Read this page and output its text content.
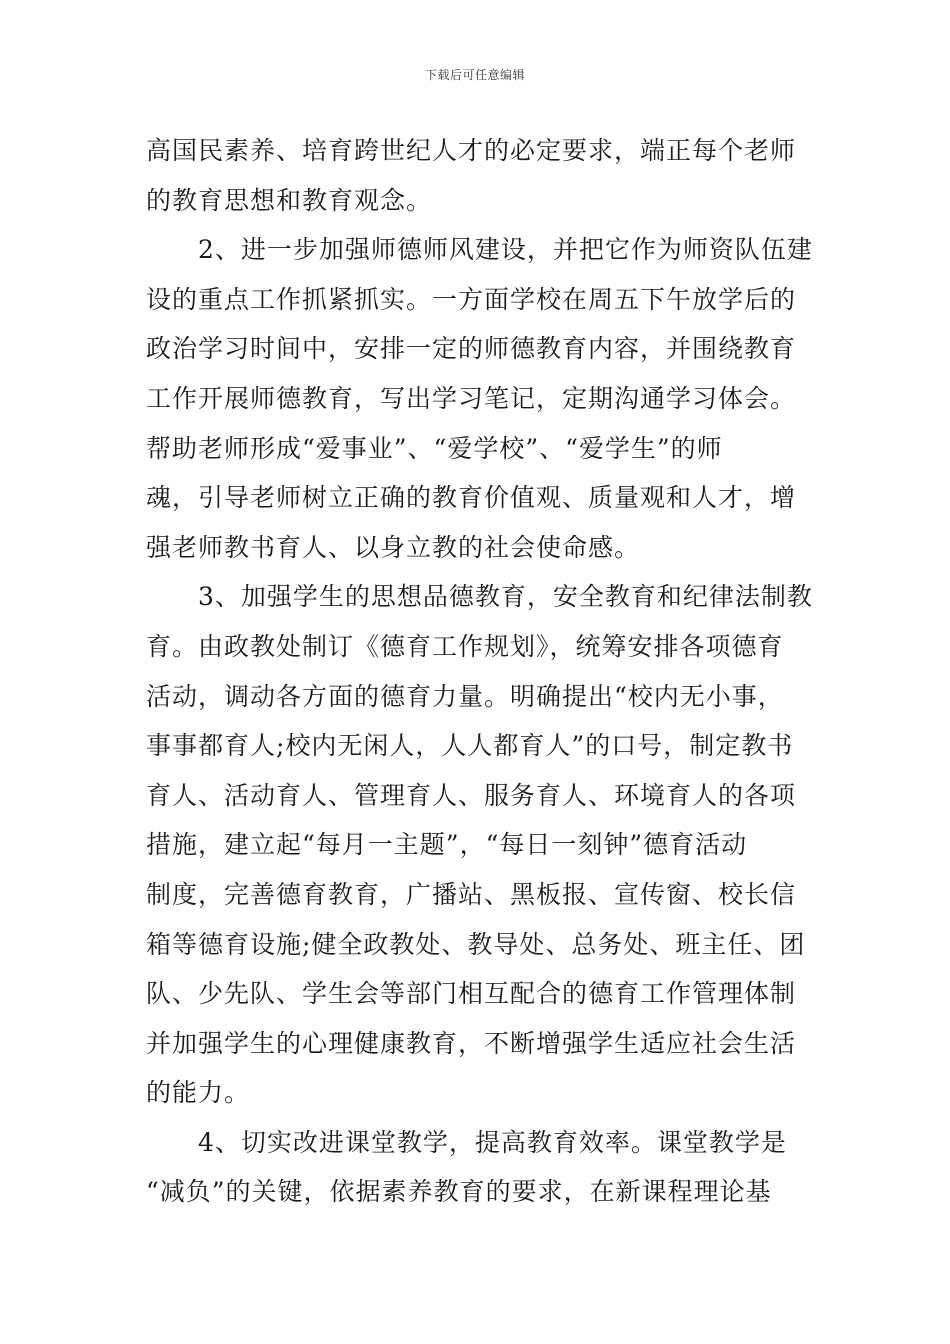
下载后可任意编辑
高国民素养、培育跨世纪人才的必定要求，端正每个老师
的教育思想和教育观念。
　　2、进一步加强师德师风建设，并把它作为师资队伍建
设的重点工作抓紧抓实。一方面学校在周五下午放学后的
政治学习时间中，安排一定的师德教育内容，并围绕教育
工作开展师德教育，写出学习笔记，定期沟通学习体会。
帮助老师形成“爱事业”、“爱学校”、“爱学生”的师
魂，引导老师树立正确的教育价值观、质量观和人才，增
强老师教书育人、以身立教的社会使命感。
　　3、加强学生的思想品德教育，安全教育和纪律法制教
育。由政教处制订《德育工作规划》，统筹安排各项德育
活动，调动各方面的德育力量。明确提出“校内无小事，
事事都育人;校内无闲人，人人都育人”的口号，制定教书
育人、活动育人、管理育人、服务育人、环境育人的各项
措施，建立起“每月一主题”，“每日一刻钟”德育活动
制度，完善德育教育，广播站、黑板报、宣传窗、校长信
箱等德育设施;健全政教处、教导处、总务处、班主任、团
队、少先队、学生会等部门相互配合的德育工作管理体制
并加强学生的心理健康教育，不断增强学生适应社会生活
的能力。
　　4、切实改进课堂教学，提高教育效率。课堂教学是
“减负”的关键，依据素养教育的要求，在新课程理论基
